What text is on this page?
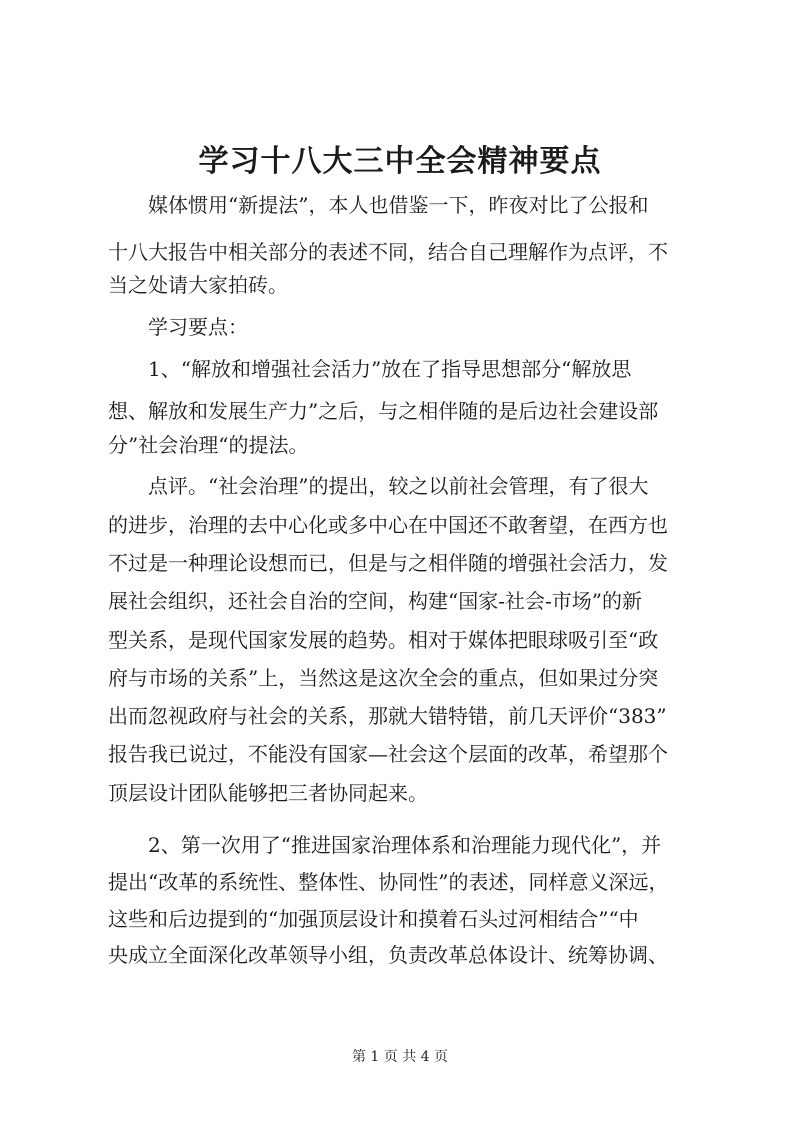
学习十八大三中全会精神要点
　　媒体惯用“新提法”，本人也借鉴一下，昨夜对比了公报和
十八大报告中相关部分的表述不同，结合自己理解作为点评，不
当之处请大家拍砖。
　　学习要点：
　　1、“解放和增强社会活力”放在了指导思想部分“解放思
想、解放和发展生产力”之后，与之相伴随的是后边社会建设部
分”社会治理“的提法。
　　点评。“社会治理”的提出，较之以前社会管理，有了很大
的进步，治理的去中心化或多中心在中国还不敢奢望，在西方也
不过是一种理论设想而已，但是与之相伴随的增强社会活力，发
展社会组织，还社会自治的空间，构建“国家-社会-市场”的新
型关系，是现代国家发展的趋势。相对于媒体把眼球吸引至“政
府与市场的关系”上，当然这是这次全会的重点，但如果过分突
出而忽视政府与社会的关系，那就大错特错，前几天评价“383”
报告我已说过，不能没有国家—社会这个层面的改革，希望那个
顶层设计团队能够把三者协同起来。
　　2、第一次用了“推进国家治理体系和治理能力现代化”，并
提出“改革的系统性、整体性、协同性”的表述，同样意义深远，
这些和后边提到的“加强顶层设计和摸着石头过河相结合”“中
央成立全面深化改革领导小组，负责改革总体设计、统筹协调、
第 1 页 共 4 页
